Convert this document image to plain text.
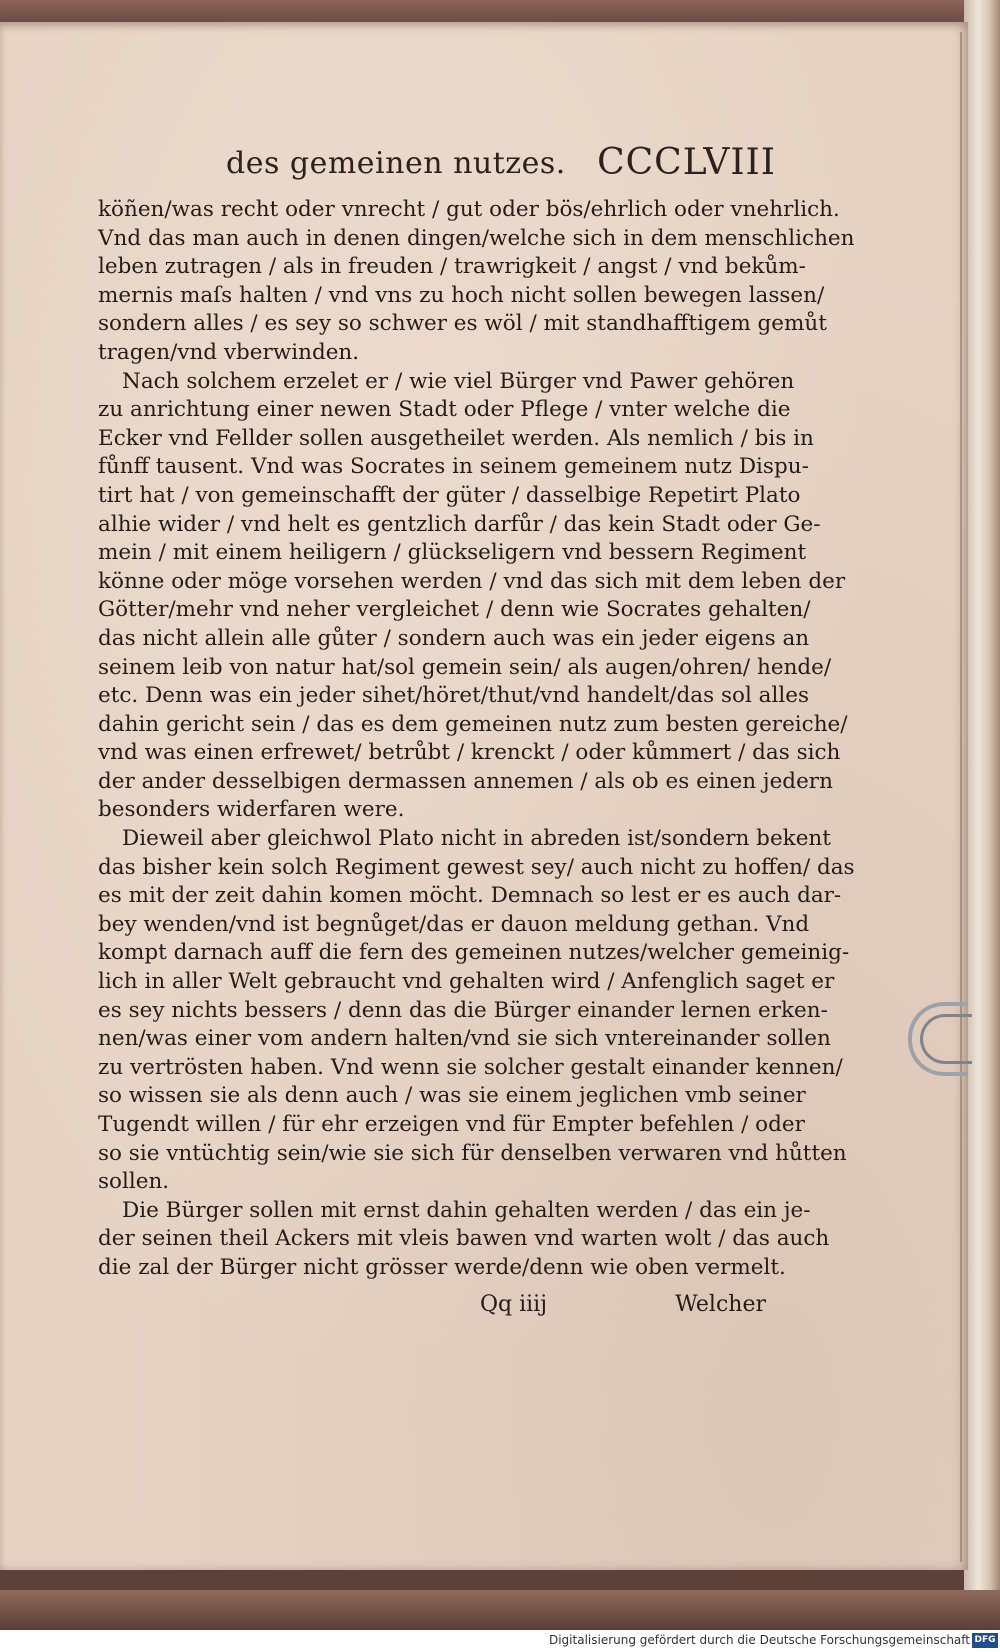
des gemeinen nutzes. CCCLVIII
köñen/was recht oder vnrecht / gut oder bös/ehrlich oder vnehrlich.
Vnd das man auch in denen dingen/welche sich in dem menschlichen
leben zutragen / als in freuden / trawrigkeit / angst / vnd bekům-
mernis maſs halten / vnd vns zu hoch nicht sollen bewegen lassen/
sondern alles / es sey so schwer es wöl / mit standhafftigem gemůt
tragen/vnd vberwinden.
Nach solchem erzelet er / wie viel Bürger vnd Pawer gehören
zu anrichtung einer newen Stadt oder Pflege / vnter welche die
Ecker vnd Fellder sollen ausgetheilet werden. Als nemlich / bis in
fůnff tausent. Vnd was Socrates in seinem gemeinem nutz Dispu-
tirt hat / von gemeinschafft der güter / dasselbige Repetirt Plato
alhie wider / vnd helt es gentzlich darfůr / das kein Stadt oder Ge-
mein / mit einem heiligern / glückseligern vnd bessern Regiment
könne oder möge vorsehen werden / vnd das sich mit dem leben der
Götter/mehr vnd neher vergleichet / denn wie Socrates gehalten/
das nicht allein alle gůter / sondern auch was ein jeder eigens an
seinem leib von natur hat/sol gemein sein/ als augen/ohren/ hende/
etc. Denn was ein jeder sihet/höret/thut/vnd handelt/das sol alles
dahin gericht sein / das es dem gemeinen nutz zum besten gereiche/
vnd was einen erfrewet/ betrůbt / krenckt / oder kůmmert / das sich
der ander desselbigen dermassen annemen / als ob es einen jedern
besonders widerfaren were.
Dieweil aber gleichwol Plato nicht in abreden ist/sondern bekent
das bisher kein solch Regiment gewest sey/ auch nicht zu hoffen/ das
es mit der zeit dahin komen möcht. Demnach so lest er es auch dar-
bey wenden/vnd ist begnůget/das er dauon meldung gethan. Vnd
kompt darnach auff die fern des gemeinen nutzes/welcher gemeinig-
lich in aller Welt gebraucht vnd gehalten wird / Anfenglich saget er
es sey nichts bessers / denn das die Bürger einander lernen erken-
nen/was einer vom andern halten/vnd sie sich vntereinander sollen
zu vertrösten haben. Vnd wenn sie solcher gestalt einander kennen/
so wissen sie als denn auch / was sie einem jeglichen vmb seiner
Tugendt willen / für ehr erzeigen vnd für Empter befehlen / oder
so sie vntüchtig sein/wie sie sich für denselben verwaren vnd hůtten
sollen.
Die Bürger sollen mit ernst dahin gehalten werden / das ein je-
der seinen theil Ackers mit vleis bawen vnd warten wolt / das auch
die zal der Bürger nicht grösser werde/denn wie oben vermelt.
Qq iiij	Welcher
Digitalisierung gefördert durch die Deutsche Forschungsgemeinschaft DFG
